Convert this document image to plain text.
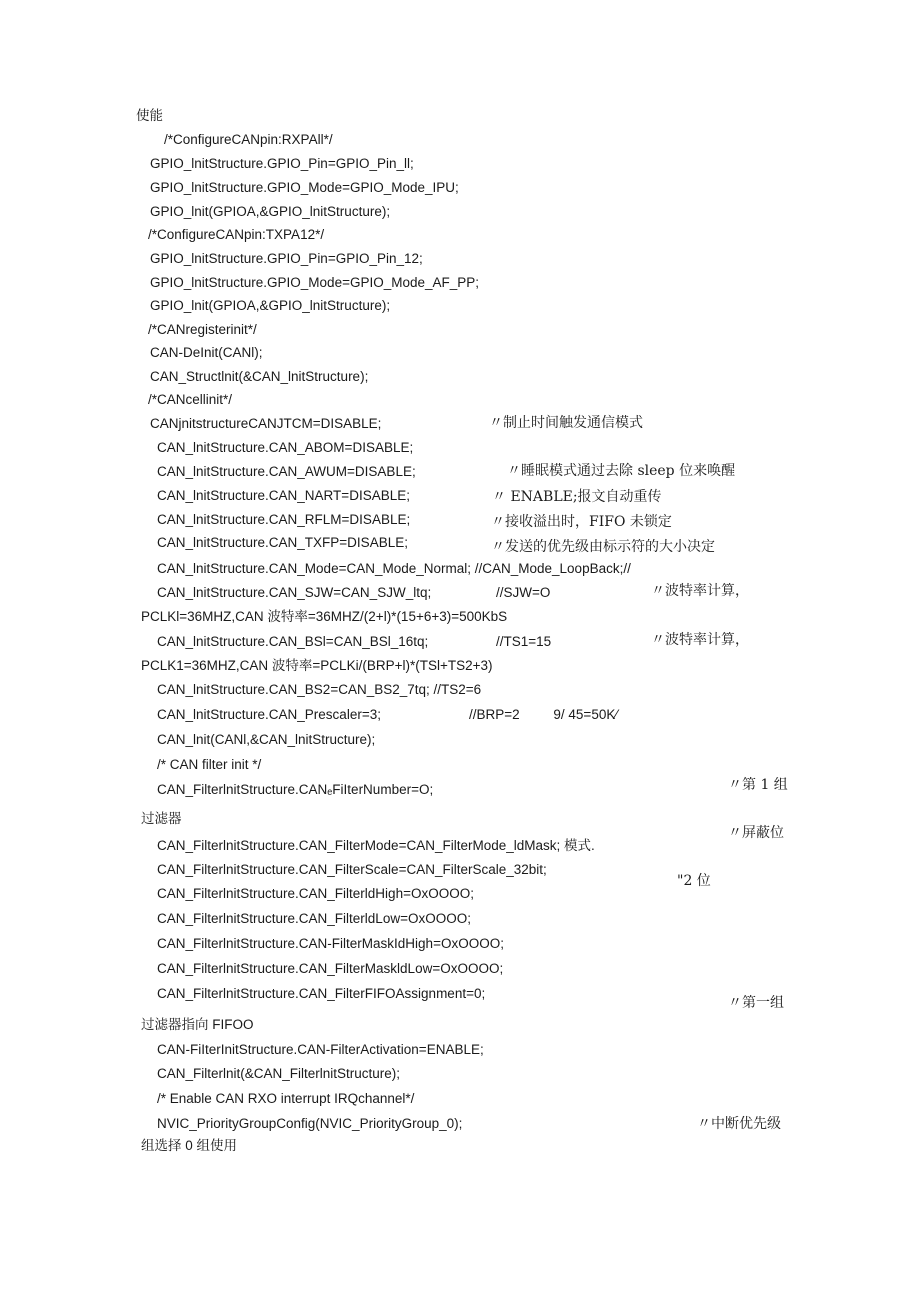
使能
/*ConfigureCANpin:RXPAll*/
GPIO_lnitStructure.GPIO_Pin=GPIO_Pin_ll;
GPIO_lnitStructure.GPIO_Mode=GPIO_Mode_IPU;
GPIO_lnit(GPIOA,&GPIO_lnitStructure);
/*ConfigureCANpin:TXPA12*/
GPIO_lnitStructure.GPIO_Pin=GPIO_Pin_12;
GPIO_lnitStructure.GPIO_Mode=GPIO_Mode_AF_PP;
GPIO_lnit(GPIOA,&GPIO_lnitStructure);
/*CANregisterinit*/
CAN-DeInit(CANl);
CAN_Structlnit(&CAN_lnitStructure);
/*CANcellinit*/
CANjnitstructureCANJTCM=DISABLE;	〃制止时间触发通信模式
CAN_lnitStructure.CAN_ABOM=DISABLE;
CAN_lnitStructure.CAN_AWUM=DISABLE;	〃睡眠模式通过去除 sleep 位来唤醒
CAN_lnitStructure.CAN_NART=DISABLE;	〃 ENABLE;报文自动重传
CAN_lnitStructure.CAN_RFLM=DISABLE;	〃接收溢出时，FIFO 未锁定
CAN_lnitStructure.CAN_TXFP=DISABLE;	〃发送的优先级由标示符的大小决定
CAN_lnitStructure.CAN_Mode=CAN_Mode_Normal; //CAN_Mode_LoopBack;//
CAN_lnitStructure.CAN_SJW=CAN_SJW_ltq;	//SJW=O	〃波特率计算，
PCLKl=36MHZ,CAN 波特率=36MHZ/(2+l)*(15+6+3)=500KbS
CAN_lnitStructure.CAN_BSl=CAN_BSl_16tq;	//TS1=15	〃波特率计算，
PCLK1=36MHZ,CAN 波特率=PCLKi/(BRP+l)*(TSl+TS2+3)
CAN_lnitStructure.CAN_BS2=CAN_BS2_7tq; //TS2=6
CAN_lnitStructure.CAN_Prescaler=3;	//BRP=2         9/ 45=50K⁄
CAN_lnit(CANl,&CAN_lnitStructure);
/* CAN filter init */
CAN_FilterlnitStructure.CANₑFiIterNumber=O;	〃第 1 组
过滤器
〃屏蔽位
CAN_FilterlnitStructure.CAN_FilterMode=CAN_FilterMode_ldMask; 模式.
CAN_FilterlnitStructure.CAN_FilterScale=CAN_FilterScale_32bit;
"2 位
CAN_FilterlnitStructure.CAN_FilterldHigh=OxOOOO;
CAN_FilterlnitStructure.CAN_FilterldLow=OxOOOO;
CAN_FilterlnitStructure.CAN-FilterMaskIdHigh=OxOOOO;
CAN_FilterlnitStructure.CAN_FilterMaskldLow=OxOOOO;
CAN_FilterlnitStructure.CAN_FilterFIFOAssignment=0;
〃第一组
过滤器指向 FIFOO
CAN-FiIterInitStructure.CAN-FilterActivation=ENABLE;
CAN_Filterlnit(&CAN_FilterlnitStructure);
/* Enable CAN RXO interrupt IRQchannel*/
NVIC_PriorityGroupConfig(NVIC_PriorityGroup_0);	〃中断优先级
组选择 0 组使用
